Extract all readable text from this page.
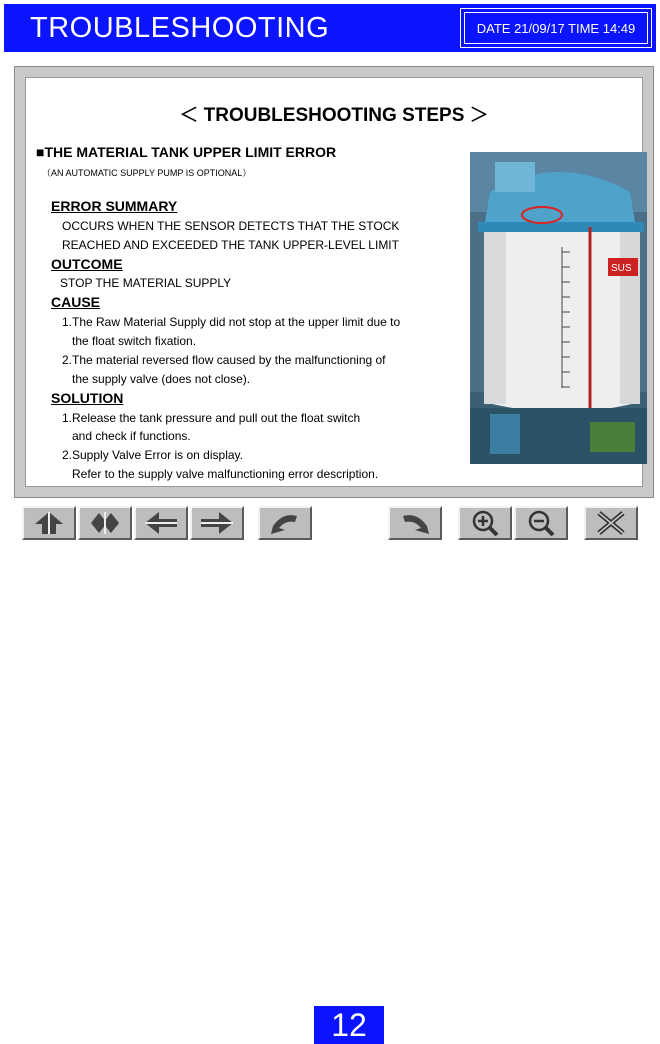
TROUBLESHOOTING	DATE 21/09/17 TIME 14:49
＜ TROUBLESHOOTING STEPS ＞
■THE MATERIAL TANK UPPER LIMIT ERROR
（AN AUTOMATIC SUPPLY PUMP IS OPTIONAL）
ERROR SUMMARY
OCCURS WHEN THE SENSOR DETECTS THAT THE STOCK
REACHED AND EXCEEDED THE TANK UPPER-LEVEL LIMIT
OUTCOME
STOP THE MATERIAL SUPPLY
CAUSE
1.The Raw Material Supply did not stop at the upper limit due to
the float switch fixation.
2.The material reversed flow caused by the malfunctioning of
the supply valve (does not close).
SOLUTION
1.Release the tank pressure and pull out the float switch
and check if functions.
2.Supply Valve Error is on display.
Refer to the supply valve malfunctioning error description.
SUS
12
